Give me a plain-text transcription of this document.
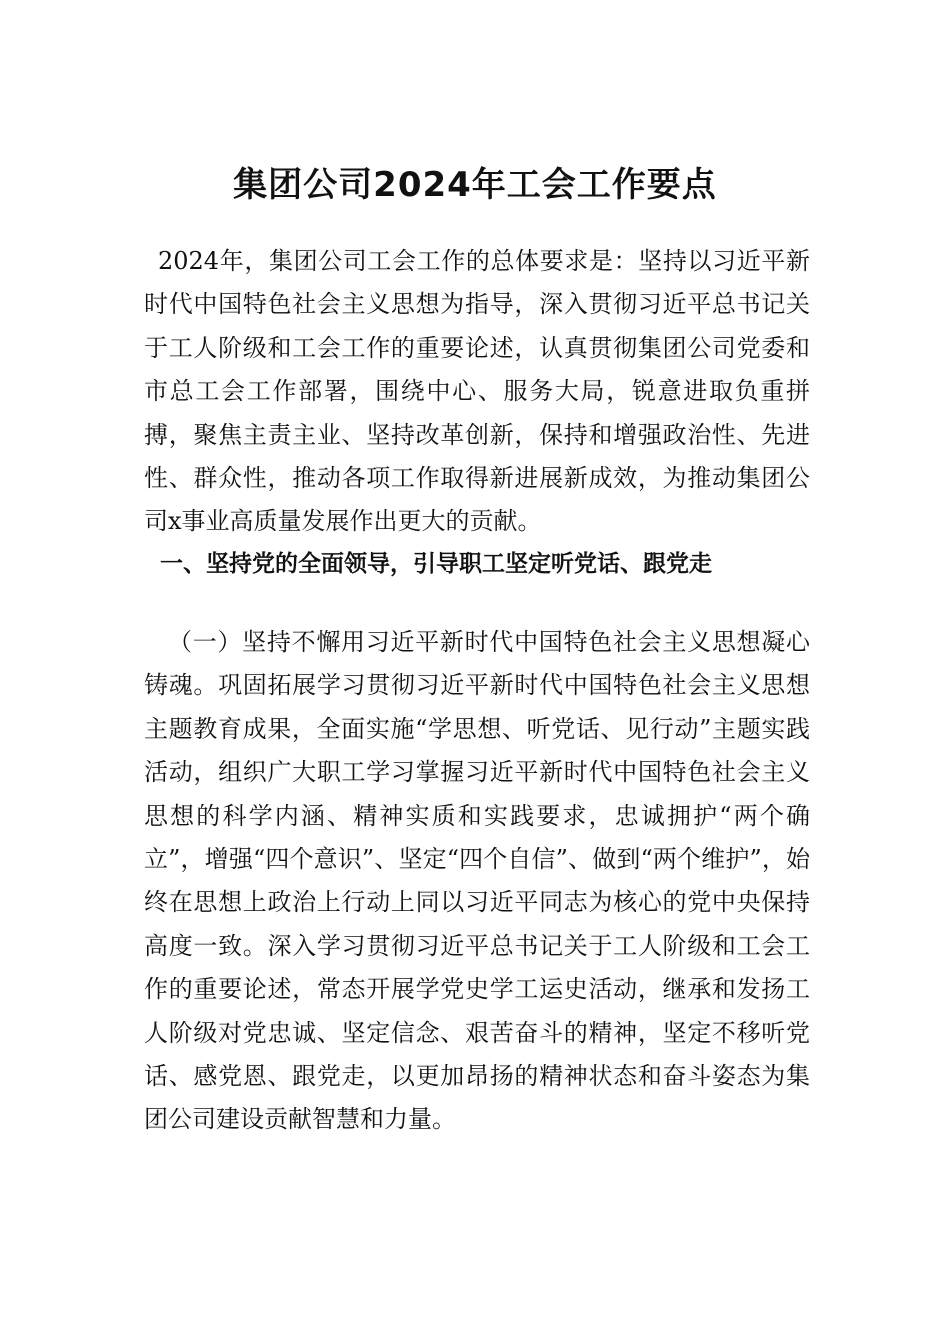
集团公司2024年工会工作要点

2024年，集团公司工会工作的总体要求是：坚持以习近平新时代中国特色社会主义思想为指导，深入贯彻习近平总书记关于工人阶级和工会工作的重要论述，认真贯彻集团公司党委和市总工会工作部署，围绕中心、服务大局，锐意进取负重拼搏，聚焦主责主业、坚持改革创新，保持和增强政治性、先进性、群众性，推动各项工作取得新进展新成效，为推动集团公司x事业高质量发展作出更大的贡献。

一、坚持党的全面领导，引导职工坚定听党话、跟党走

（一）坚持不懈用习近平新时代中国特色社会主义思想凝心铸魂。巩固拓展学习贯彻习近平新时代中国特色社会主义思想主题教育成果，全面实施“学思想、听党话、见行动”主题实践活动，组织广大职工学习掌握习近平新时代中国特色社会主义思想的科学内涵、精神实质和实践要求，忠诚拥护“两个确立”，增强“四个意识”、坚定“四个自信”、做到“两个维护”，始终在思想上政治上行动上同以习近平同志为核心的党中央保持高度一致。深入学习贯彻习近平总书记关于工人阶级和工会工作的重要论述，常态开展学党史学工运史活动，继承和发扬工人阶级对党忠诚、坚定信念、艰苦奋斗的精神，坚定不移听党话、感党恩、跟党走，以更加昂扬的精神状态和奋斗姿态为集团公司建设贡献智慧和力量。
